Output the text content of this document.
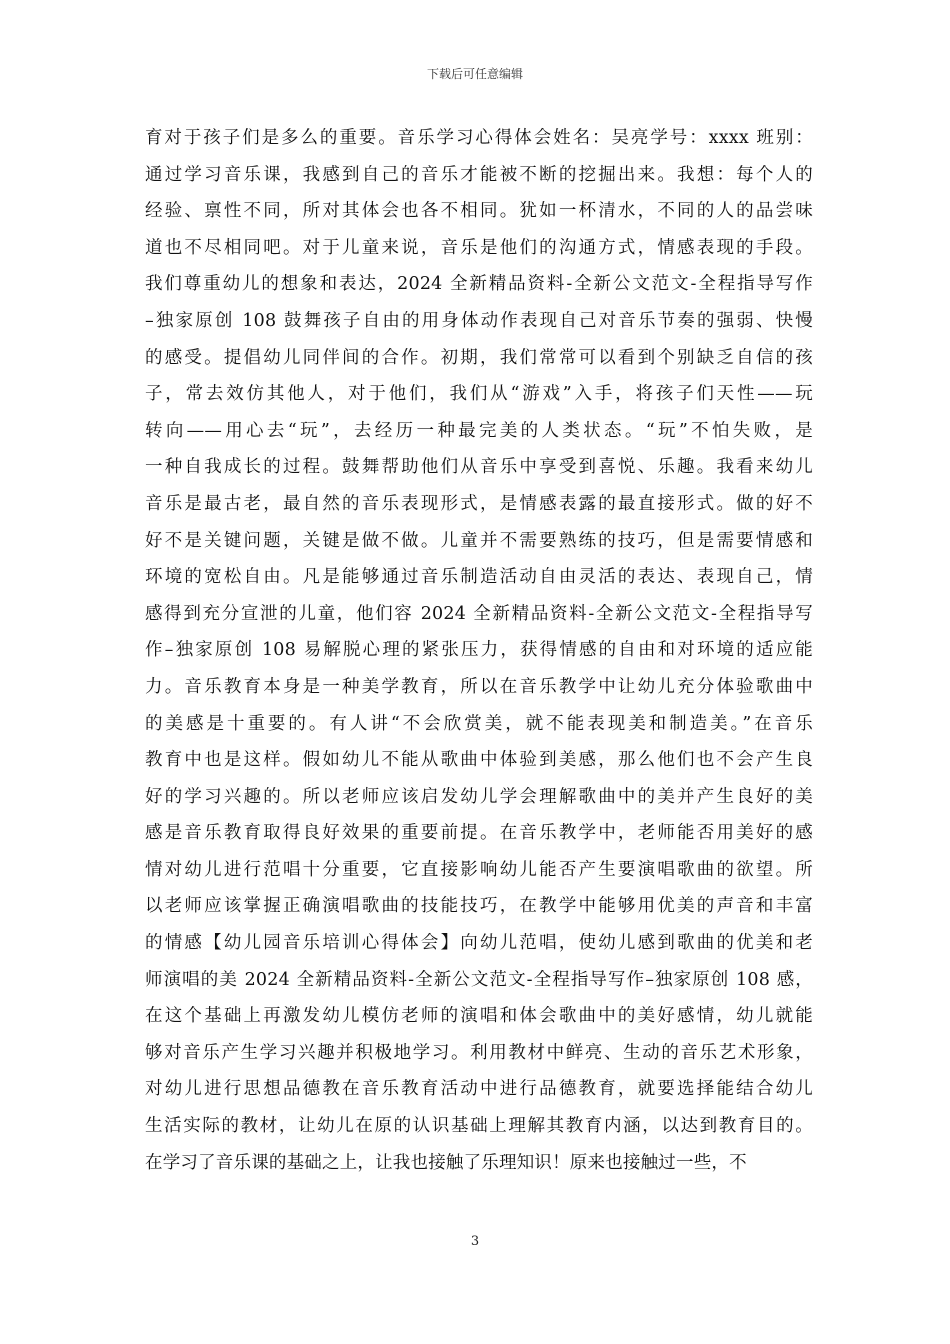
下载后可任意编辑
育对于孩子们是多么的重要。音乐学习心得体会姓名：吴亮学号：xxxx 班别：
通过学习音乐课，我感到自己的音乐才能被不断的挖掘出来。我想：每个人的
经验、禀性不同，所对其体会也各不相同。犹如一杯清水，不同的人的品尝味
道也不尽相同吧。对于儿童来说，音乐是他们的沟通方式，情感表现的手段。
我们尊重幼儿的想象和表达，2024 全新精品资料-全新公文范文-全程指导写作
–独家原创 108 鼓舞孩子自由的用身体动作表现自己对音乐节奏的强弱、快慢
的感受。提倡幼儿同伴间的合作。初期，我们常常可以看到个别缺乏自信的孩
子，常去效仿其他人，对于他们，我们从“游戏”入手，将孩子们天性——玩
转向——用心去“玩”，去经历一种最完美的人类状态。“玩”不怕失败，是
一种自我成长的过程。鼓舞帮助他们从音乐中享受到喜悦、乐趣。我看来幼儿
音乐是最古老，最自然的音乐表现形式，是情感表露的最直接形式。做的好不
好不是关键问题，关键是做不做。儿童并不需要熟练的技巧，但是需要情感和
环境的宽松自由。凡是能够通过音乐制造活动自由灵活的表达、表现自己，情
感得到充分宣泄的儿童，他们容 2024 全新精品资料-全新公文范文-全程指导写
作–独家原创 108 易解脱心理的紧张压力，获得情感的自由和对环境的适应能
力。音乐教育本身是一种美学教育，所以在音乐教学中让幼儿充分体验歌曲中
的美感是十重要的。有人讲“不会欣赏美，就不能表现美和制造美。”在音乐
教育中也是这样。假如幼儿不能从歌曲中体验到美感，那么他们也不会产生良
好的学习兴趣的。所以老师应该启发幼儿学会理解歌曲中的美并产生良好的美
感是音乐教育取得良好效果的重要前提。在音乐教学中，老师能否用美好的感
情对幼儿进行范唱十分重要，它直接影响幼儿能否产生要演唱歌曲的欲望。所
以老师应该掌握正确演唱歌曲的技能技巧，在教学中能够用优美的声音和丰富
的情感【幼儿园音乐培训心得体会】向幼儿范唱，使幼儿感到歌曲的优美和老
师演唱的美 2024 全新精品资料-全新公文范文-全程指导写作–独家原创 108 感，
在这个基础上再激发幼儿模仿老师的演唱和体会歌曲中的美好感情，幼儿就能
够对音乐产生学习兴趣并积极地学习。利用教材中鲜亮、生动的音乐艺术形象，
对幼儿进行思想品德教在音乐教育活动中进行品德教育，就要选择能结合幼儿
生活实际的教材，让幼儿在原的认识基础上理解其教育内涵，以达到教育目的。
在学习了音乐课的基础之上，让我也接触了乐理知识！原来也接触过一些，不
3
